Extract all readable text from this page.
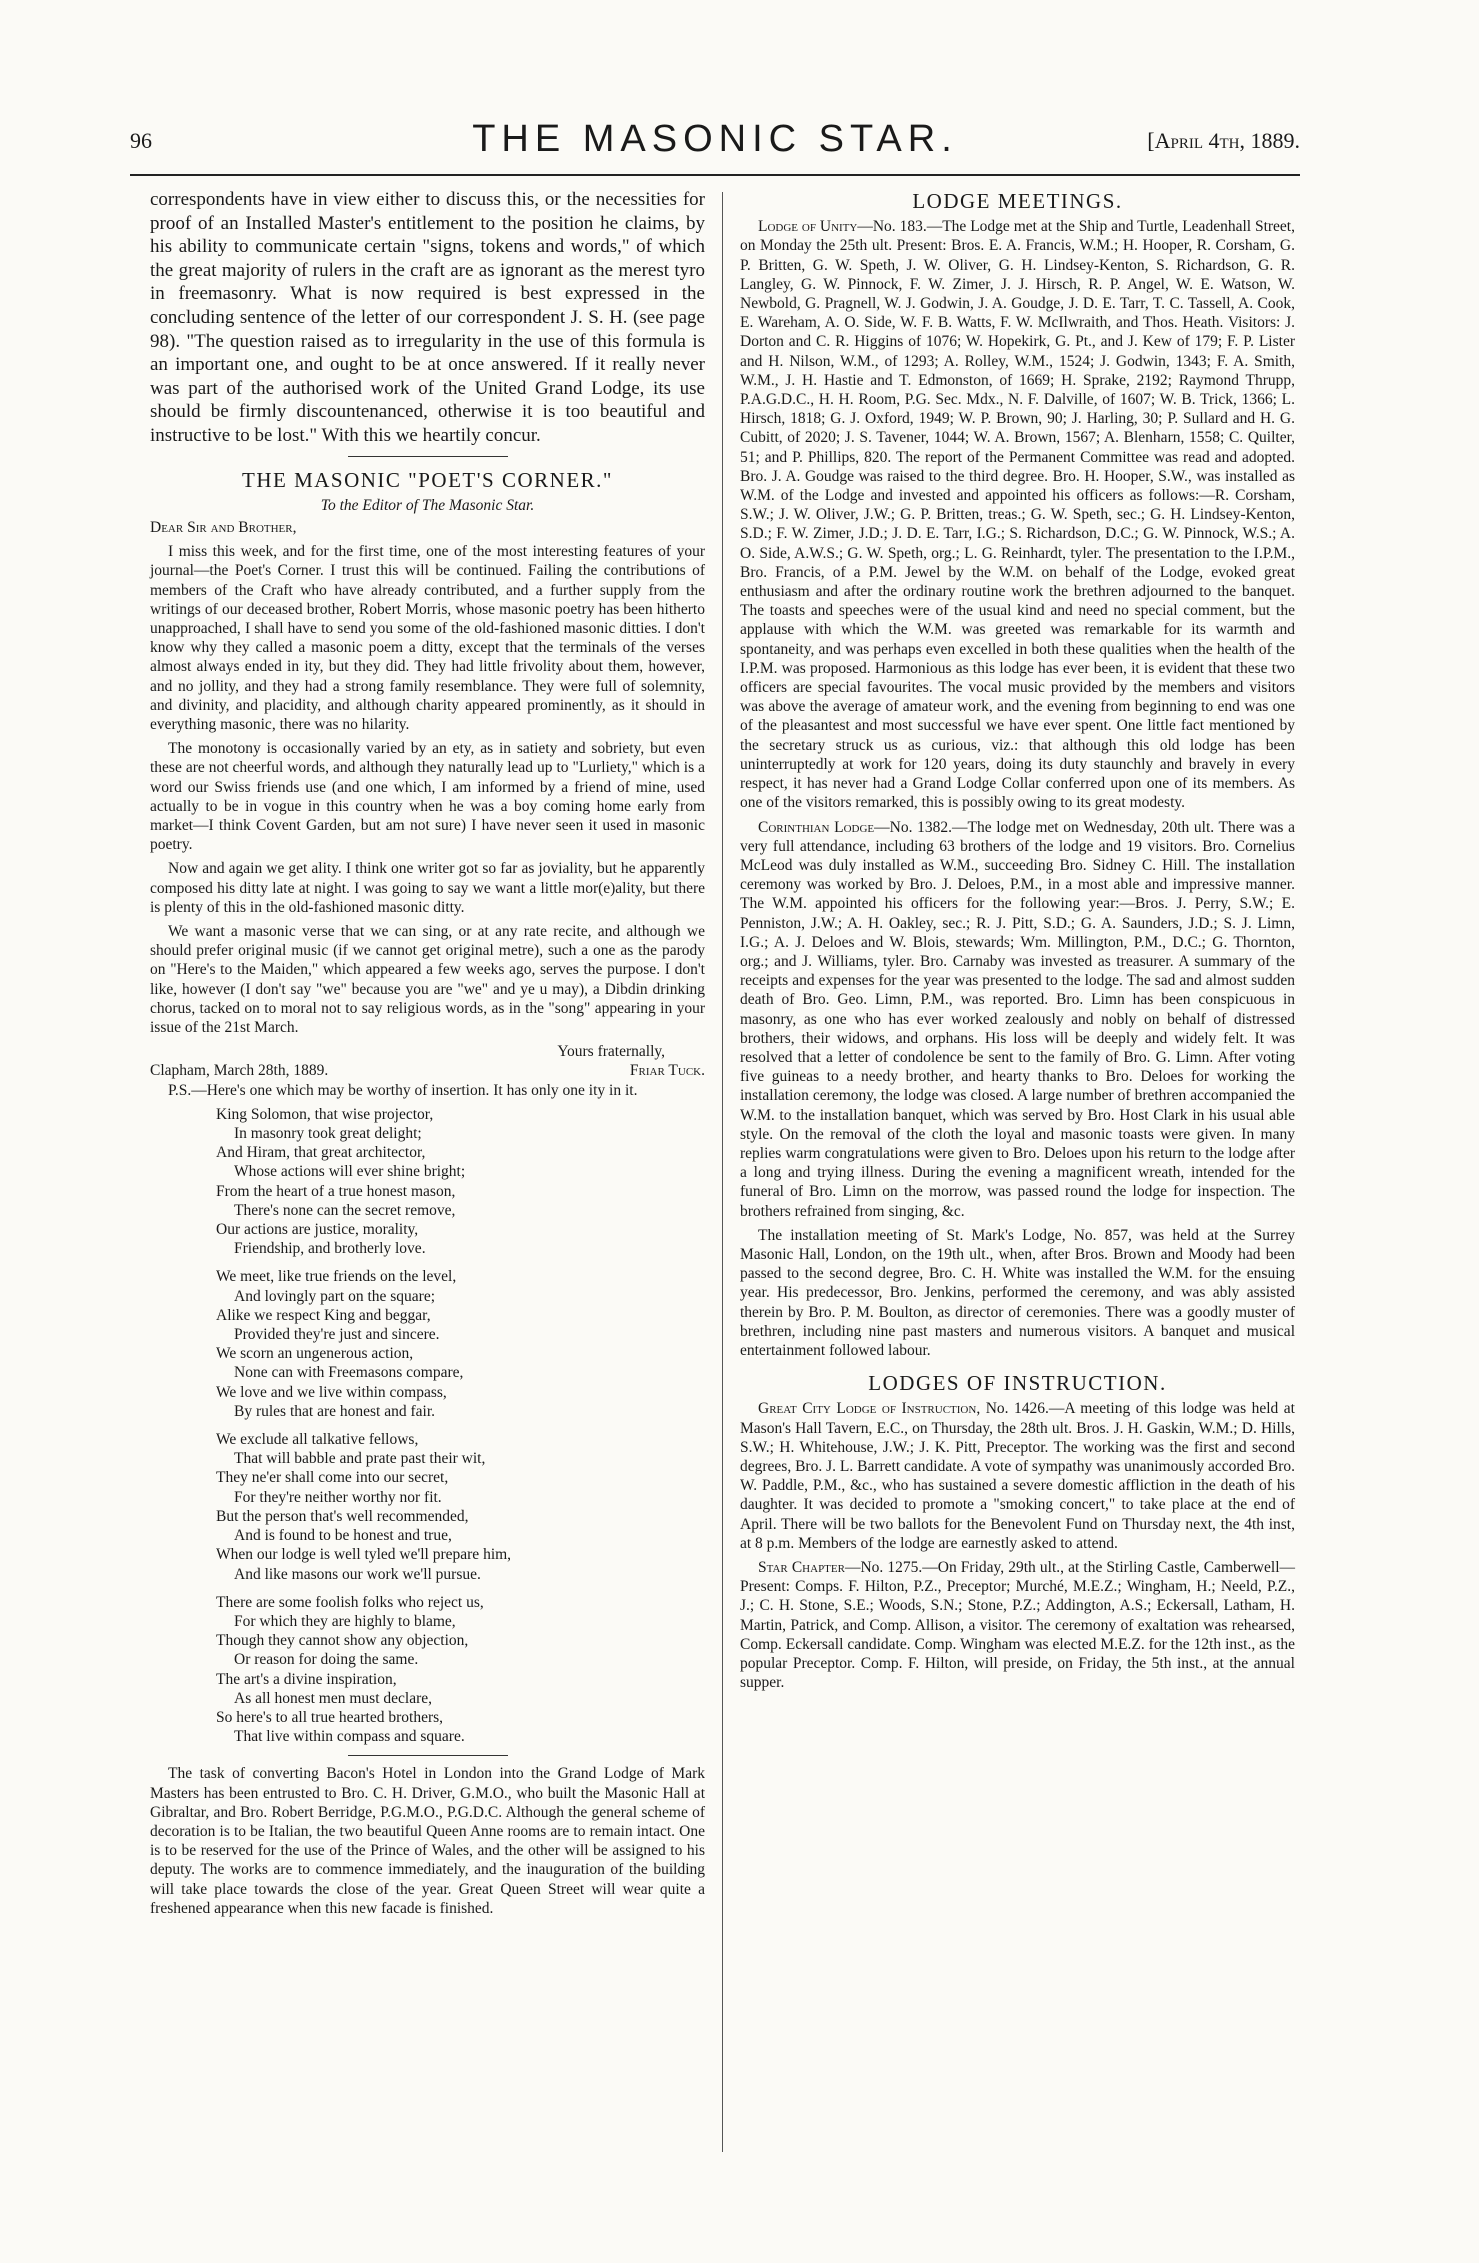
96	THE MASONIC STAR.	[April 4th, 1889.

correspondents have in view either to discuss this, or the necessities for proof of an Installed Master's entitlement to the position he claims, by his ability to communicate certain "signs, tokens and words," of which the great majority of rulers in the craft are as ignorant as the merest tyro in freemasonry. What is now required is best expressed in the concluding sentence of the letter of our correspondent J. S. H. (see page 98). "The question raised as to irregularity in the use of this formula is an important one, and ought to be at once answered. If it really never was part of the authorised work of the United Grand Lodge, its use should be firmly discountenanced, otherwise it is too beautiful and instructive to be lost." With this we heartily concur.

THE MASONIC "POET'S CORNER."

To the Editor of The Masonic Star.

Dear Sir and Brother,

I miss this week, and for the first time, one of the most interesting features of your journal—the Poet's Corner. I trust this will be continued. Failing the contributions of members of the Craft who have already contributed, and a further supply from the writings of our deceased brother, Robert Morris, whose masonic poetry has been hitherto unapproached, I shall have to send you some of the old-fashioned masonic ditties. I don't know why they called a masonic poem a ditty, except that the terminals of the verses almost always ended in ity, but they did. They had little frivolity about them, however, and no jollity, and they had a strong family resemblance. They were full of solemnity, and divinity, and placidity, and although charity appeared prominently, as it should in everything masonic, there was no hilarity.

The monotony is occasionally varied by an ety, as in satiety and sobriety, but even these are not cheerful words, and although they naturally lead up to "Lurliety," which is a word our Swiss friends use (and one which, I am informed by a friend of mine, used actually to be in vogue in this country when he was a boy coming home early from market—I think Covent Garden, but am not sure) I have never seen it used in masonic poetry.

Now and again we get ality. I think one writer got so far as joviality, but he apparently composed his ditty late at night. I was going to say we want a little mor(e)ality, but there is plenty of this in the old-fashioned masonic ditty.

We want a masonic verse that we can sing, or at any rate recite, and although we should prefer original music (if we cannot get original metre), such a one as the parody on "Here's to the Maiden," which appeared a few weeks ago, serves the purpose. I don't like, however (I don't say "we" because you are "we" and ye u may), a Dibdin drinking chorus, tacked on to moral not to say religious words, as in the "song" appearing in your issue of the 21st March.

Yours fraternally,

Clapham, March 28th, 1889.	Friar Tuck.

P.S.—Here's one which may be worthy of insertion. It has only one ity in it.

King Solomon, that wise projector,
In masonry took great delight;
And Hiram, that great architector,
Whose actions will ever shine bright;
From the heart of a true honest mason,
There's none can the secret remove,
Our actions are justice, morality,
Friendship, and brotherly love.
We meet, like true friends on the level,
And lovingly part on the square;
Alike we respect King and beggar,
Provided they're just and sincere.
We scorn an ungenerous action,
None can with Freemasons compare,
We love and we live within compass,
By rules that are honest and fair.
We exclude all talkative fellows,
That will babble and prate past their wit,
They ne'er shall come into our secret,
For they're neither worthy nor fit.
But the person that's well recommended,
And is found to be honest and true,
When our lodge is well tyled we'll prepare him,
And like masons our work we'll pursue.
There are some foolish folks who reject us,
For which they are highly to blame,
Though they cannot show any objection,
Or reason for doing the same.
The art's a divine inspiration,
As all honest men must declare,
So here's to all true hearted brothers,
That live within compass and square.

The task of converting Bacon's Hotel in London into the Grand Lodge of Mark Masters has been entrusted to Bro. C. H. Driver, G.M.O., who built the Masonic Hall at Gibraltar, and Bro. Robert Berridge, P.G.M.O., P.G.D.C. Although the general scheme of decoration is to be Italian, the two beautiful Queen Anne rooms are to remain intact. One is to be reserved for the use of the Prince of Wales, and the other will be assigned to his deputy. The works are to commence immediately, and the inauguration of the building will take place towards the close of the year. Great Queen Street will wear quite a freshened appearance when this new facade is finished.

LODGE MEETINGS.

Lodge of Unity—No. 183.—The Lodge met at the Ship and Turtle, Leadenhall Street, on Monday the 25th ult. Present: Bros. E. A. Francis, W.M.; H. Hooper, R. Corsham, G. P. Britten, G. W. Speth, J. W. Oliver, G. H. Lindsey-Kenton, S. Richardson, G. R. Langley, G. W. Pinnock, F. W. Zimer, J. J. Hirsch, R. P. Angel, W. E. Watson, W. Newbold, G. Pragnell, W. J. Godwin, J. A. Goudge, J. D. E. Tarr, T. C. Tassell, A. Cook, E. Wareham, A. O. Side, W. F. B. Watts, F. W. McIlwraith, and Thos. Heath. Visitors: J. Dorton and C. R. Higgins of 1076; W. Hopekirk, G. Pt., and J. Kew of 179; F. P. Lister and H. Nilson, W.M., of 1293; A. Rolley, W.M., 1524; J. Godwin, 1343; F. A. Smith, W.M., J. H. Hastie and T. Edmonston, of 1669; H. Sprake, 2192; Raymond Thrupp, P.A.G.D.C., H. H. Room, P.G. Sec. Mdx., N. F. Dalville, of 1607; W. B. Trick, 1366; L. Hirsch, 1818; G. J. Oxford, 1949; W. P. Brown, 90; J. Harling, 30; P. Sullard and H. G. Cubitt, of 2020; J. S. Tavener, 1044; W. A. Brown, 1567; A. Blenharn, 1558; C. Quilter, 51; and P. Phillips, 820. The report of the Permanent Committee was read and adopted. Bro. J. A. Goudge was raised to the third degree. Bro. H. Hooper, S.W., was installed as W.M. of the Lodge and invested and appointed his officers as follows:—R. Corsham, S.W.; J. W. Oliver, J.W.; G. P. Britten, treas.; G. W. Speth, sec.; G. H. Lindsey-Kenton, S.D.; F. W. Zimer, J.D.; J. D. E. Tarr, I.G.; S. Richardson, D.C.; G. W. Pinnock, W.S.; A. O. Side, A.W.S.; G. W. Speth, org.; L. G. Reinhardt, tyler. The presentation to the I.P.M., Bro. Francis, of a P.M. Jewel by the W.M. on behalf of the Lodge, evoked great enthusiasm and after the ordinary routine work the brethren adjourned to the banquet. The toasts and speeches were of the usual kind and need no special comment, but the applause with which the W.M. was greeted was remarkable for its warmth and spontaneity, and was perhaps even excelled in both these qualities when the health of the I.P.M. was proposed. Harmonious as this lodge has ever been, it is evident that these two officers are special favourites. The vocal music provided by the members and visitors was above the average of amateur work, and the evening from beginning to end was one of the pleasantest and most successful we have ever spent. One little fact mentioned by the secretary struck us as curious, viz.: that although this old lodge has been uninterruptedly at work for 120 years, doing its duty staunchly and bravely in every respect, it has never had a Grand Lodge Collar conferred upon one of its members. As one of the visitors remarked, this is possibly owing to its great modesty.

Corinthian Lodge—No. 1382.—The lodge met on Wednesday, 20th ult. There was a very full attendance, including 63 brothers of the lodge and 19 visitors. Bro. Cornelius McLeod was duly installed as W.M., succeeding Bro. Sidney C. Hill. The installation ceremony was worked by Bro. J. Deloes, P.M., in a most able and impressive manner. The W.M. appointed his officers for the following year:—Bros. J. Perry, S.W.; E. Penniston, J.W.; A. H. Oakley, sec.; R. J. Pitt, S.D.; G. A. Saunders, J.D.; S. J. Limn, I.G.; A. J. Deloes and W. Blois, stewards; Wm. Millington, P.M., D.C.; G. Thornton, org.; and J. Williams, tyler. Bro. Carnaby was invested as treasurer. A summary of the receipts and expenses for the year was presented to the lodge. The sad and almost sudden death of Bro. Geo. Limn, P.M., was reported. Bro. Limn has been conspicuous in masonry, as one who has ever worked zealously and nobly on behalf of distressed brothers, their widows, and orphans. His loss will be deeply and widely felt. It was resolved that a letter of condolence be sent to the family of Bro. G. Limn. After voting five guineas to a needy brother, and hearty thanks to Bro. Deloes for working the installation ceremony, the lodge was closed. A large number of brethren accompanied the W.M. to the installation banquet, which was served by Bro. Host Clark in his usual able style. On the removal of the cloth the loyal and masonic toasts were given. In many replies warm congratulations were given to Bro. Deloes upon his return to the lodge after a long and trying illness. During the evening a magnificent wreath, intended for the funeral of Bro. Limn on the morrow, was passed round the lodge for inspection. The brothers refrained from singing, &c.

The installation meeting of St. Mark's Lodge, No. 857, was held at the Surrey Masonic Hall, London, on the 19th ult., when, after Bros. Brown and Moody had been passed to the second degree, Bro. C. H. White was installed the W.M. for the ensuing year. His predecessor, Bro. Jenkins, performed the ceremony, and was ably assisted therein by Bro. P. M. Boulton, as director of ceremonies. There was a goodly muster of brethren, including nine past masters and numerous visitors. A banquet and musical entertainment followed labour.

LODGES OF INSTRUCTION.

Great City Lodge of Instruction, No. 1426.—A meeting of this lodge was held at Mason's Hall Tavern, E.C., on Thursday, the 28th ult. Bros. J. H. Gaskin, W.M.; D. Hills, S.W.; H. Whitehouse, J.W.; J. K. Pitt, Preceptor. The working was the first and second degrees, Bro. J. L. Barrett candidate. A vote of sympathy was unanimously accorded Bro. W. Paddle, P.M., &c., who has sustained a severe domestic affliction in the death of his daughter. It was decided to promote a "smoking concert," to take place at the end of April. There will be two ballots for the Benevolent Fund on Thursday next, the 4th inst, at 8 p.m. Members of the lodge are earnestly asked to attend.

Star Chapter—No. 1275.—On Friday, 29th ult., at the Stirling Castle, Camberwell—Present: Comps. F. Hilton, P.Z., Preceptor; Murché, M.E.Z.; Wingham, H.; Neeld, P.Z., J.; C. H. Stone, S.E.; Woods, S.N.; Stone, P.Z.; Addington, A.S.; Eckersall, Latham, H. Martin, Patrick, and Comp. Allison, a visitor. The ceremony of exaltation was rehearsed, Comp. Eckersall candidate. Comp. Wingham was elected M.E.Z. for the 12th inst., as the popular Preceptor. Comp. F. Hilton, will preside, on Friday, the 5th inst., at the annual supper.
